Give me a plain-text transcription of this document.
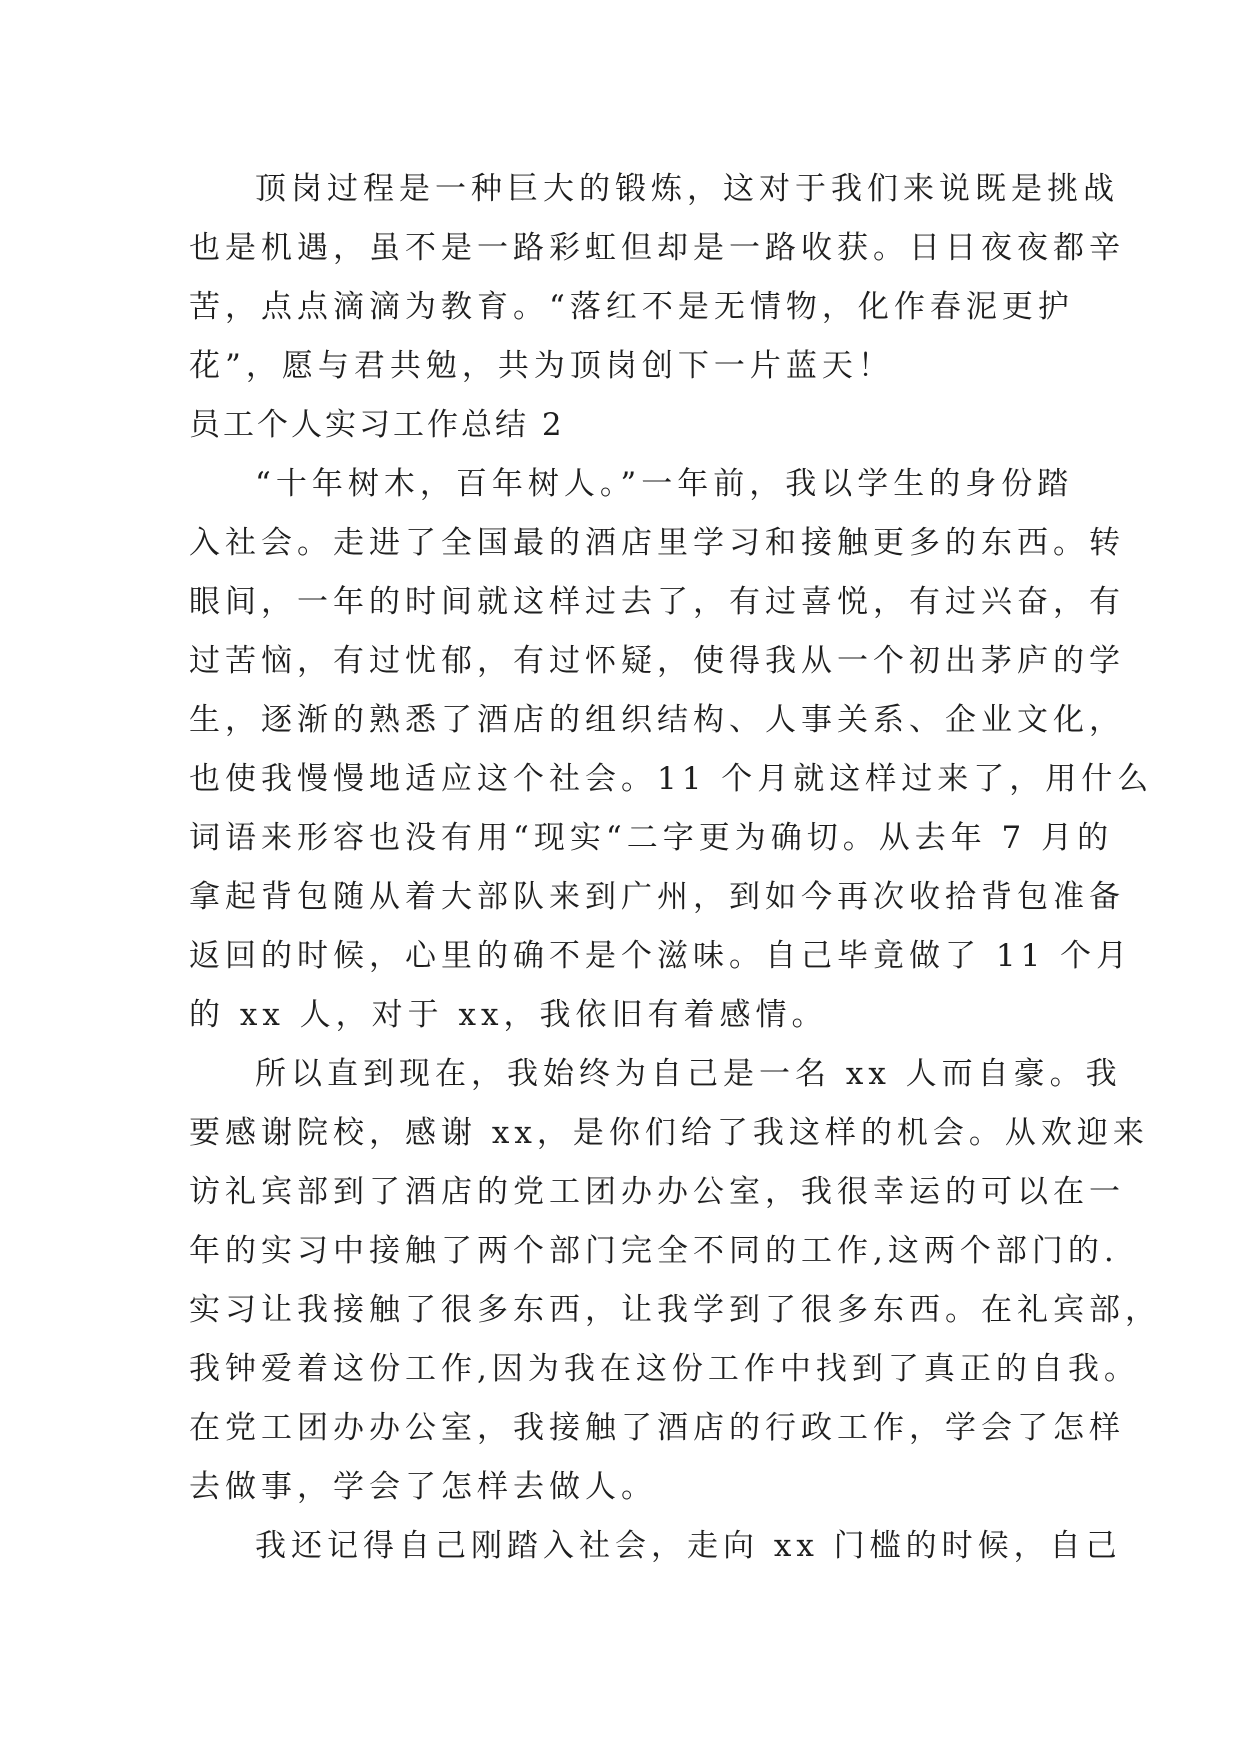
顶岗过程是一种巨大的锻炼，这对于我们来说既是挑战
也是机遇，虽不是一路彩虹但却是一路收获。日日夜夜都辛
苦，点点滴滴为教育。“落红不是无情物，化作春泥更护
花”，愿与君共勉，共为顶岗创下一片蓝天！
员工个人实习工作总结 2
“十年树木，百年树人。”一年前，我以学生的身份踏
入社会。走进了全国最的酒店里学习和接触更多的东西。转
眼间，一年的时间就这样过去了，有过喜悦，有过兴奋，有
过苦恼，有过忧郁，有过怀疑，使得我从一个初出茅庐的学
生，逐渐的熟悉了酒店的组织结构、人事关系、企业文化，
也使我慢慢地适应这个社会。11 个月就这样过来了，用什么
词语来形容也没有用“现实“二字更为确切。从去年 7 月的
拿起背包随从着大部队来到广州，到如今再次收拾背包准备
返回的时候，心里的确不是个滋味。自己毕竟做了 11 个月
的 xx 人，对于 xx，我依旧有着感情。
所以直到现在，我始终为自己是一名 xx 人而自豪。我
要感谢院校，感谢 xx，是你们给了我这样的机会。从欢迎来
访礼宾部到了酒店的党工团办办公室，我很幸运的可以在一
年的实习中接触了两个部门完全不同的工作,这两个部门的.
实习让我接触了很多东西，让我学到了很多东西。在礼宾部，
我钟爱着这份工作,因为我在这份工作中找到了真正的自我。
在党工团办办公室，我接触了酒店的行政工作，学会了怎样
去做事，学会了怎样去做人。
我还记得自己刚踏入社会，走向 xx 门槛的时候，自己
